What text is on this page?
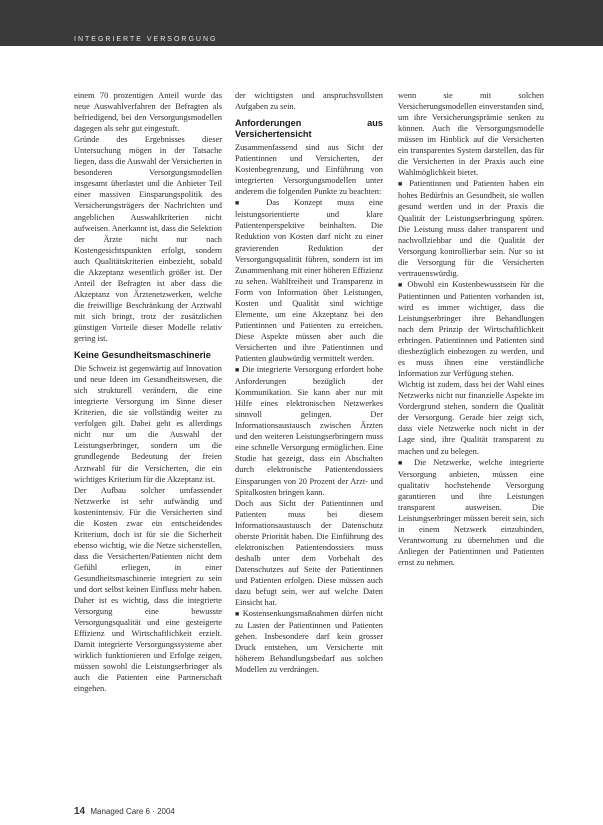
INTEGRIERTE VERSORGUNG

einem 70 prozentigen Anteil wurde das neue Auswahlverfahren der Befragten als befriedigend, bei den Versorgungsmodellen dagegen als sehr gut eingestuft.

Gründe des Ergebnisses dieser Untersuchung mögen in der Tatsache liegen, dass die Auswahl der Versicherten in besonderen Versorgungsmodellen insgesamt überlastet und die Anbieter Teil einer massiven Einsparungspolitik des Versicherungsträgers der Nachrichten und angeblichen Auswahlkriterien nicht aufweisen. Anerkannt ist, dass die Selektion der Ärzte nicht nur nach Kostengesichtspunkten erfolgt, sondern auch Qualitätskriterien einbezieht, sobald die Akzeptanz wesentlich größer ist. Der Anteil der Befragten ist aber dass die Akzeptanz von Ärztenetzwerken, welche die freiwillige Beschränkung der Arztwahl mit sich bringt, trotz der zusätzlichen günstigen Vorteile dieser Modelle relativ gering ist.

Keine Gesundheitsmaschinerie

Die Schweiz ist gegenwärtig auf Innovation und neue Ideen im Gesundheitswesen, die sich strukturell verändern, die eine integrierte Versorgung im Sinne dieser Kriterien, die sie vollständig weiter zu verfolgen gilt. Dabei geht es allerdings nicht nur um die Auswahl der Leistungserbringer, sondern um die grundlegende Bedeutung der freien Arztwahl für die Versicherten, die ein wichtiges Kriterium für die Akzeptanz ist.

Der Aufbau solcher umfassender Netzwerke ist sehr aufwändig und kostenintensiv. Für die Versicherten sind die Kosten zwar ein entscheidendes Kriterium, doch ist für sie die Sicherheit ebenso wichtig, wie die Netze sicherstellen, dass die Versicherten/Patienten nicht dem Gefühl erliegen, in einer Gesundheitsmaschinerie integriert zu sein und dort selbst keinen Einfluss mehr haben. Daher ist es wichtig, dass die integrierte Versorgung eine bewusste Versorgungsqualität und eine gesteigerte Effizienz und Wirtschaftlichkeit erzielt. Damit integrierte Versorgungssysteme aber wirklich funktionieren und Erfolge zeigen, müssen sowohl die Leistungserbringer als auch die Patienten eine Partnerschaft eingehen.

der wichtigsten und anspruchsvollsten Aufgaben zu sein.

Anforderungen aus Versichertensicht

Zusammenfassend sind aus Sicht der Patientinnen und Versicherten, der Kostenbegrenzung, und Einführung von integrierten Versorgungsmodellen unter anderem die folgenden Punkte zu beachten:

■ Das Konzept muss eine leistungsorientierte und klare Patientenperspektive beinhalten. Die Reduktion von Kosten darf nicht zu einer gravierenden Reduktion der Versorgungsqualität führen, sondern ist im Zusammenhang mit einer höheren Effizienz zu sehen. Wahlfreiheit und Transparenz in Form von Information über Leistungen, Kosten und Qualität sind wichtige Elemente, um eine Akzeptanz bei den Patientinnen und Patienten zu erreichen. Diese Aspekte müssen aber auch die Versicherten und ihre Patientinnen und Patienten glaubwürdig vermittelt werden.

■ Die integrierte Versorgung erfordert hohe Anforderungen bezüglich der Kommunikation. Sie kann aber nur mit Hilfe eines elektronischen Netzwerkes sinnvoll gelingen. Der Informationsaustausch zwischen Ärzten und den weiteren Leistungserbringern muss eine schnelle Versorgung ermöglichen. Eine Studie hat gezeigt, dass ein Abschalten durch elektronische Patientendossiers Einsparungen von 20 Prozent der Arzt- und Spitalkosten bringen kann.

Doch aus Sicht der Patientinnen und Patienten muss bei diesem Informationsaustausch der Datenschutz oberste Priorität haben. Die Einführung des elektronischen Patientendossiers muss deshalb unter dem Vorbehalt des Datenschutzes auf Seite der Patientinnen und Patienten erfolgen. Diese müssen auch dazu befugt sein, wer auf welche Daten Einsicht hat.

■ Kostensenkungsmaßnahmen dürfen nicht zu Lasten der Patientinnen und Patienten gehen. Insbesondere darf kein grosser Druck entstehen, um Versicherte mit höherem Behandlungsbedarf aus solchen Modellen zu verdrängen.

wenn sie mit solchen Versicherungsmodellen einverstanden sind, um ihre Versicherungsprämie senken zu können. Auch die Versorgungsmodelle müssen im Hinblick auf die Versicherten ein transparentes System darstellen, das für die Versicherten in der Praxis auch eine Wahlmöglichkeit bietet.

■ Patientinnen und Patienten haben ein hohes Bedürfnis an Gesundheit, sie wollen gesund werden und in der Praxis die Qualität der Leistungserbringung spüren. Die Leistung muss daher transparent und nachvollziehbar und die Qualität der Versorgung kontrollierbar sein. Nur so ist die Versorgung für die Versicherten vertrauenswürdig.

■ Obwohl ein Kostenbewusstsein für die Patientinnen und Patienten vorhanden ist, wird es immer wichtiger, dass die Leistungserbringer ihre Behandlungen nach dem Prinzip der Wirtschaftlichkeit erbringen. Patientinnen und Patienten sind diesbezüglich einbezogen zu werden, und es muss ihnen eine verständliche Information zur Verfügung stehen.

Wichtig ist zudem, dass bei der Wahl eines Netzwerks nicht nur finanzielle Aspekte im Vordergrund stehen, sondern die Qualität der Versorgung. Gerade hier zeigt sich, dass viele Netzwerke noch nicht in der Lage sind, ihre Qualität transparent zu machen und zu belegen.

■ Die Netzwerke, welche integrierte Versorgung anbieten, müssen eine qualitativ hochstehende Versorgung garantieren und ihre Leistungen transparent ausweisen. Die Leistungserbringer müssen bereit sein, sich in einem Netzwerk einzubinden, Verantwortung zu übernehmen und die Anliegen der Patientinnen und Patienten ernst zu nehmen.

14 Managed Care 6 · 2004
